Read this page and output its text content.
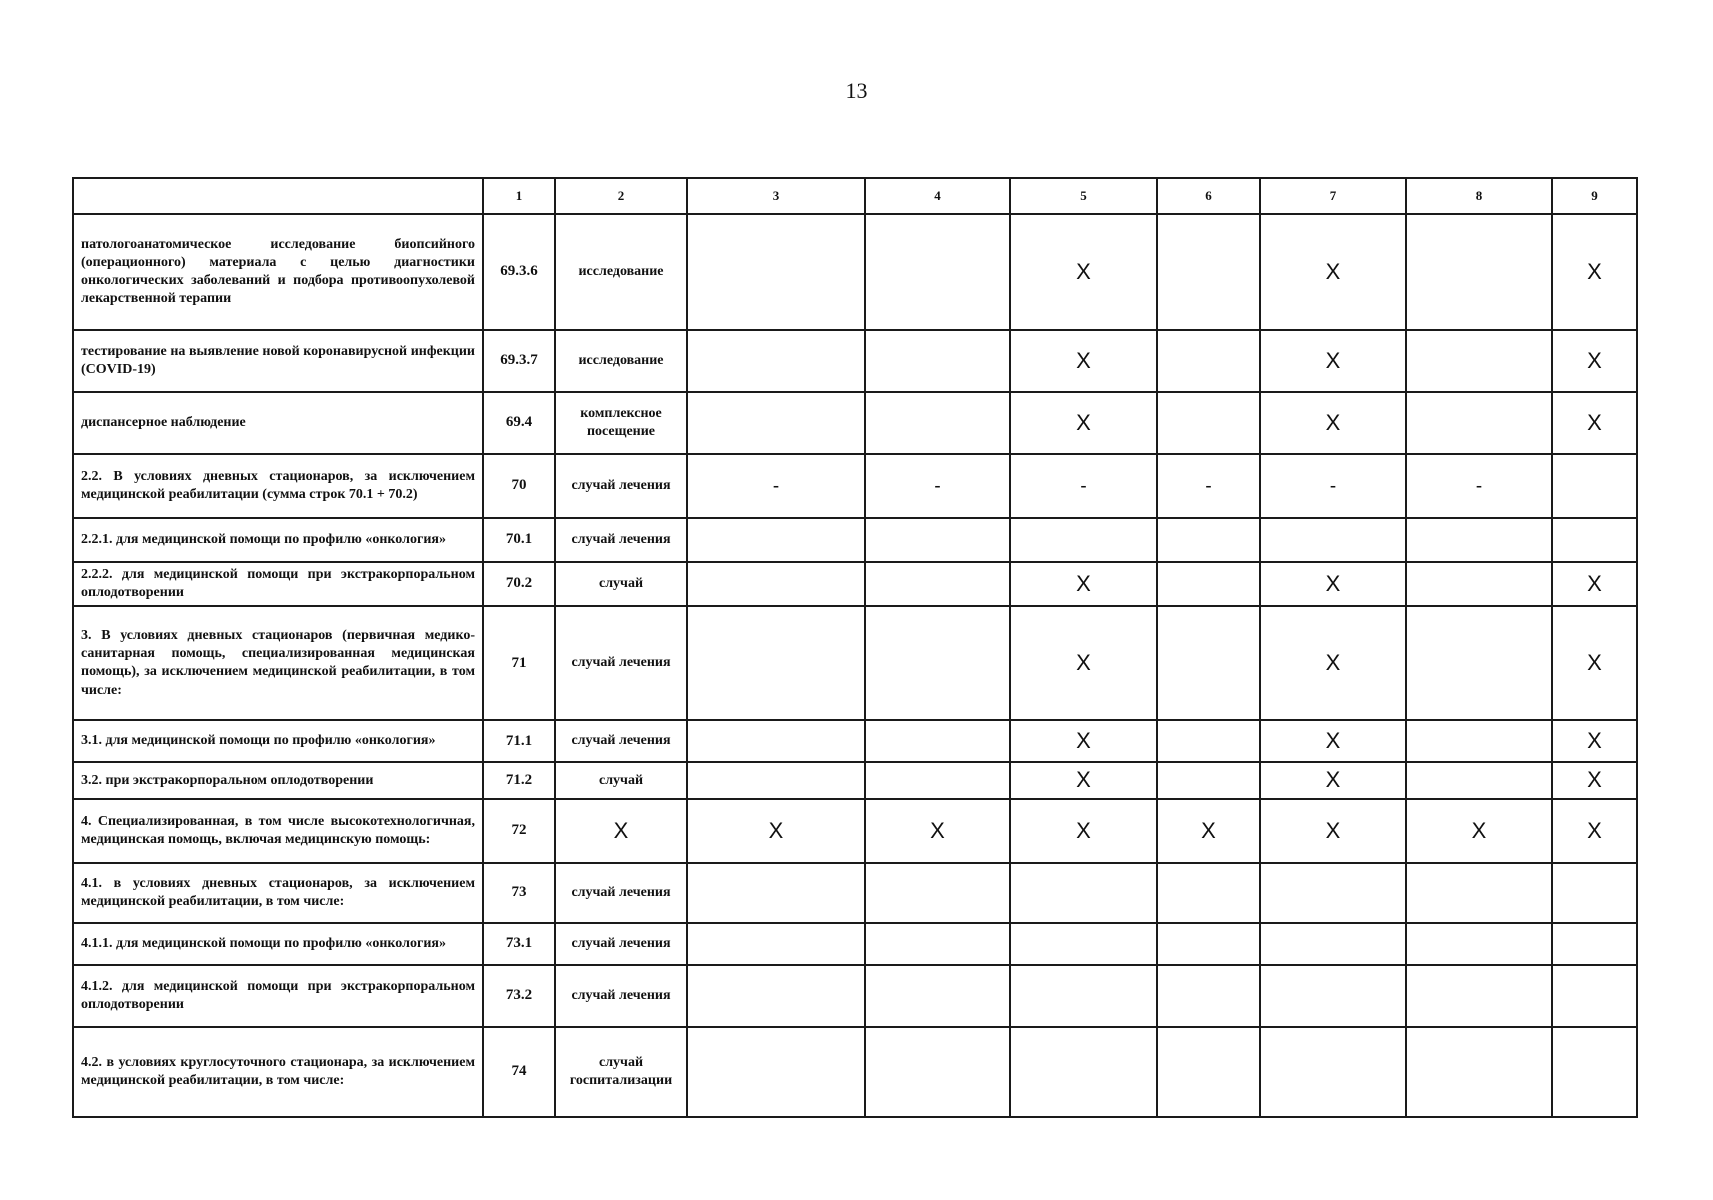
13
	1	2	3	4	5	6	7	8	9
патологоанатомическое исследование биопсийного (операционного) материала с целью диагностики онкологических заболеваний и подбора противоопухолевой лекарственной терапии	69.3.6	исследование			X		X		X
тестирование на выявление новой коронавирусной инфекции (COVID-19)	69.3.7	исследование			X		X		X
диспансерное наблюдение	69.4	комплексное посещение			X		X		X
2.2. В условиях дневных стационаров, за исключением медицинской реабилитации (сумма строк 70.1 + 70.2)	70	случай лечения	-	-	-	-	-	-	
2.2.1. для медицинской помощи по профилю «онкология»	70.1	случай лечения							
2.2.2. для медицинской помощи при экстракорпоральном оплодотворении	70.2	случай			X		X		X
3. В условиях дневных стационаров (первичная медико-санитарная помощь, специализированная медицинская помощь), за исключением медицинской реабилитации, в том числе:	71	случай лечения			X		X		X
3.1. для медицинской помощи по профилю «онкология»	71.1	случай лечения			X		X		X
3.2. при экстракорпоральном оплодотворении	71.2	случай			X		X		X
4. Специализированная, в том числе высокотехнологичная, медицинская помощь, включая медицинскую помощь:	72	X	X	X	X	X	X	X	X
4.1. в условиях дневных стационаров, за исключением медицинской реабилитации, в том числе:	73	случай лечения							
4.1.1. для медицинской помощи по профилю «онкология»	73.1	случай лечения							
4.1.2. для медицинской помощи при экстракорпоральном оплодотворении	73.2	случай лечения							
4.2. в условиях круглосуточного стационара, за исключением медицинской реабилитации, в том числе:	74	случай госпитализации							
